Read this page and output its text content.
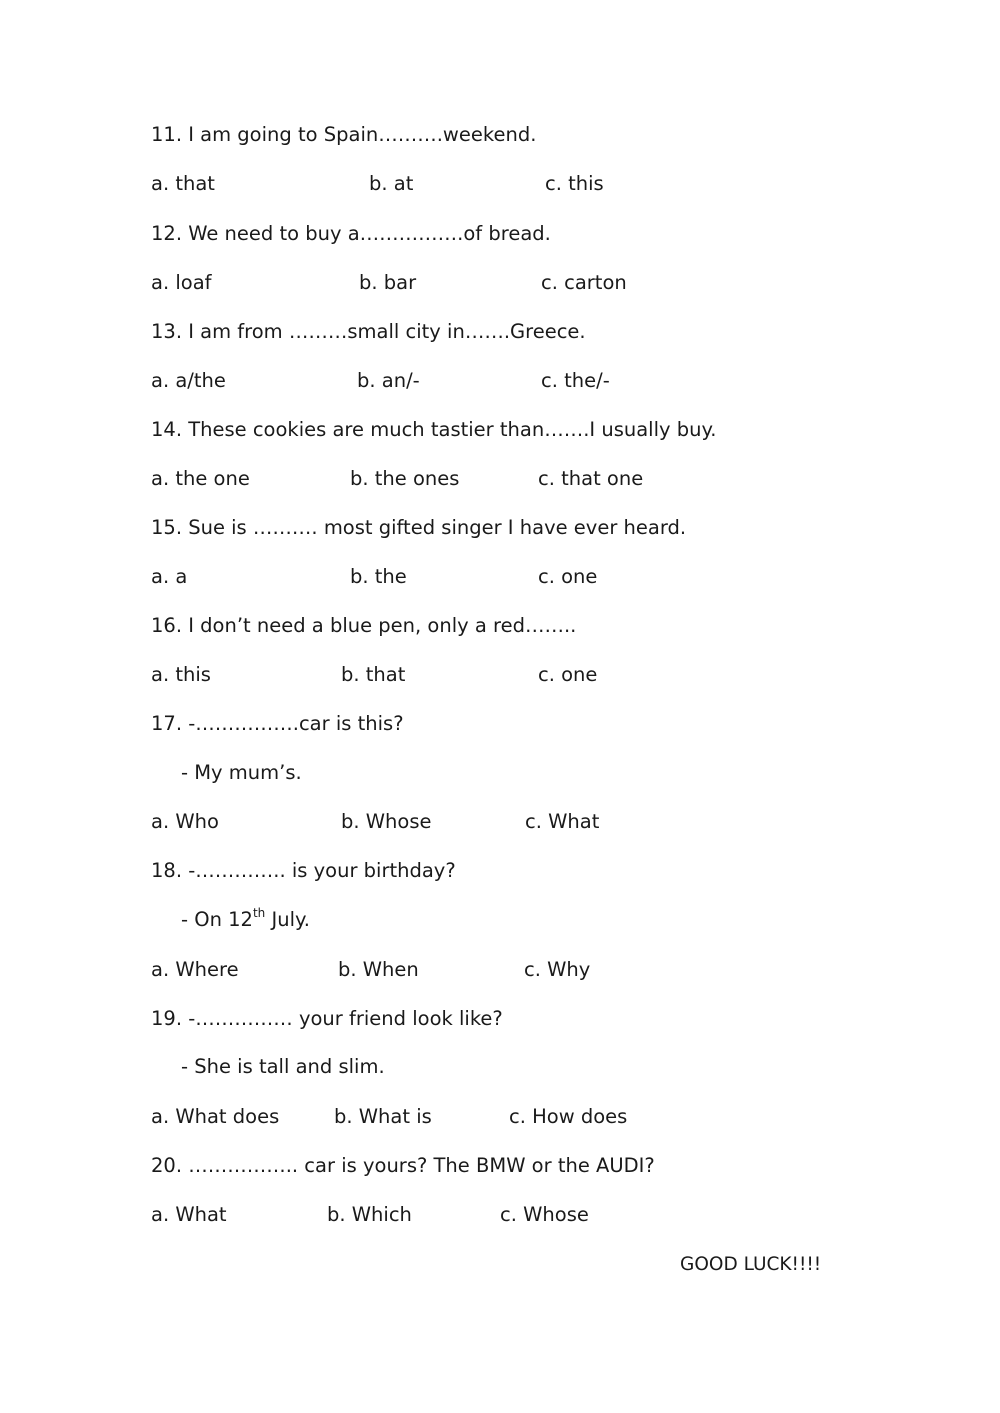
11. I am going to Spain……….weekend.
a. that	b. at	c. this
12. We need to buy a…………….of bread.
a. loaf	b. bar	c. carton
13. I am from ………small city in…….Greece.
a. a/the	b. an/-	c. the/-
14. These cookies are much tastier than…….I usually buy.
a. the one	b. the ones	c. that one
15. Sue is ………. most gifted singer I have ever heard.
a. a	b. the	c. one
16. I don’t need a blue pen, only a red……..
a. this	b. that	c. one
17. -…………….car is this?
- My mum’s.
a. Who	b. Whose	c. What
18. -………….. is your birthday?
- On 12th July.
a. Where	b. When	c. Why
19. -…………… your friend look like?
- She is tall and slim.
a. What does	b. What is	c. How does
20. …………….. car is yours? The BMW or the AUDI?
a. What	b. Which	c. Whose
GOOD LUCK!!!!
